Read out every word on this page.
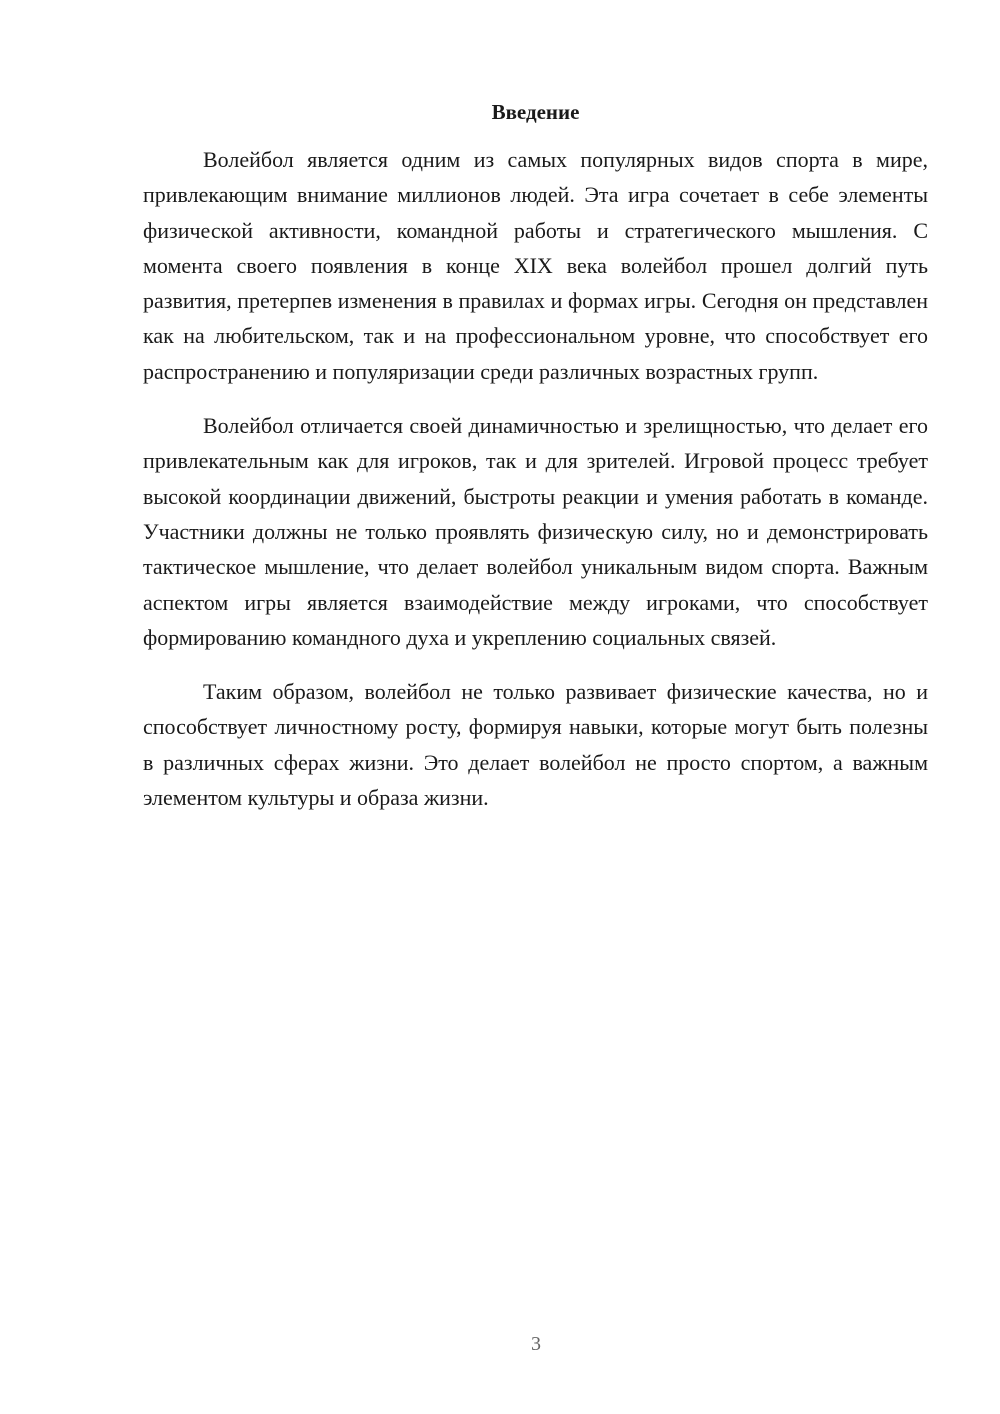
Введение

Волейбол является одним из самых популярных видов спорта в мире, привлекающим внимание миллионов людей. Эта игра сочетает в себе элементы физической активности, командной работы и стратегического мышления. С момента своего появления в конце XIX века волейбол прошел долгий путь развития, претерпев изменения в правилах и формах игры. Сегодня он представлен как на любительском, так и на профессиональном уровне, что способствует его распространению и популяризации среди различных возрастных групп.

Волейбол отличается своей динамичностью и зрелищностью, что делает его привлекательным как для игроков, так и для зрителей. Игровой процесс требует высокой координации движений, быстроты реакции и умения работать в команде. Участники должны не только проявлять физическую силу, но и демонстрировать тактическое мышление, что делает волейбол уникальным видом спорта. Важным аспектом игры является взаимодействие между игроками, что способствует формированию командного духа и укреплению социальных связей.

Таким образом, волейбол не только развивает физические качества, но и способствует личностному росту, формируя навыки, которые могут быть полезны в различных сферах жизни. Это делает волейбол не просто спортом, а важным элементом культуры и образа жизни.

3
